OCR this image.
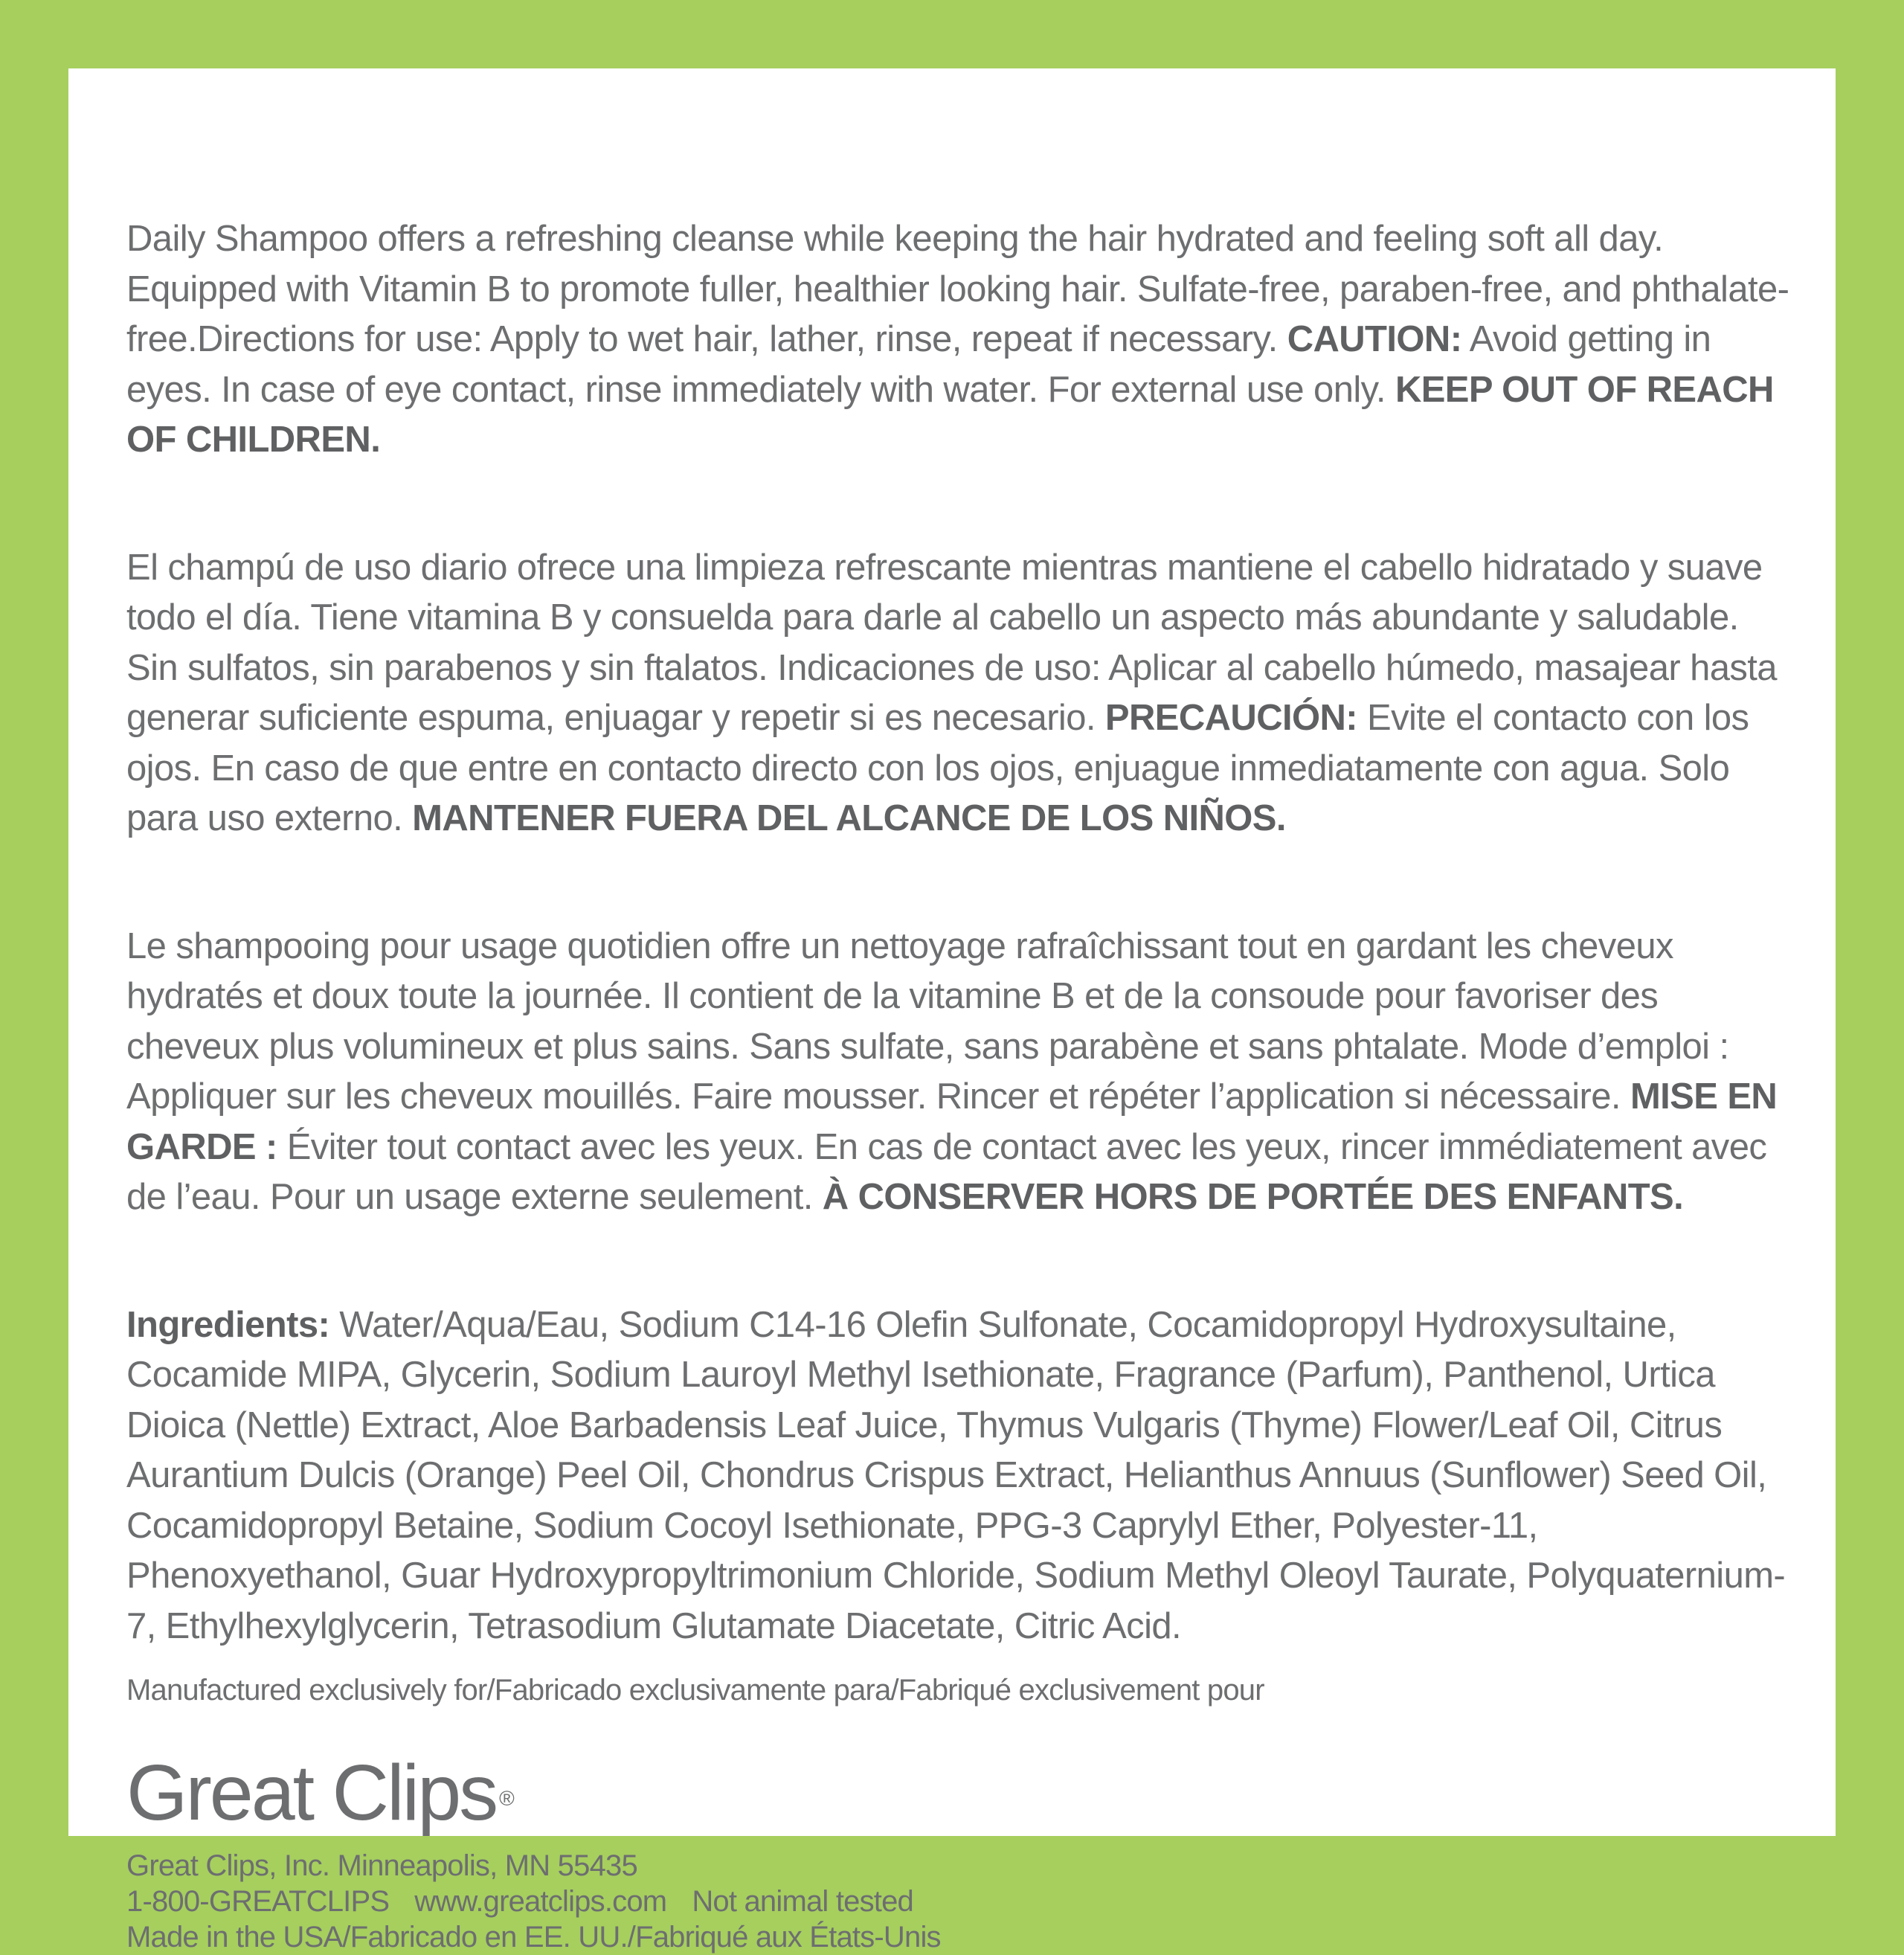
Daily Shampoo offers a refreshing cleanse while keeping the hair hydrated and feeling soft all day. Equipped with Vitamin B to promote fuller, healthier looking hair. Sulfate-free, paraben-free, and phthalate-free.Directions for use: Apply to wet hair, lather, rinse, repeat if necessary. CAUTION: Avoid getting in eyes. In case of eye contact, rinse immediately with water. For external use only. KEEP OUT OF REACH OF CHILDREN.

El champú de uso diario ofrece una limpieza refrescante mientras mantiene el cabello hidratado y suave todo el día. Tiene vitamina B y consuelda para darle al cabello un aspecto más abundante y saludable. Sin sulfatos, sin parabenos y sin ftalatos. Indicaciones de uso: Aplicar al cabello húmedo, masajear hasta generar suficiente espuma, enjuagar y repetir si es necesario. PRECAUCIÓN: Evite el contacto con los ojos. En caso de que entre en contacto directo con los ojos, enjuague inmediatamente con agua. Solo para uso externo. MANTENER FUERA DEL ALCANCE DE LOS NIÑOS.

Le shampooing pour usage quotidien offre un nettoyage rafraîchissant tout en gardant les cheveux hydratés et doux toute la journée. Il contient de la vitamine B et de la consoude pour favoriser des cheveux plus volumineux et plus sains. Sans sulfate, sans parabène et sans phtalate. Mode d’emploi : Appliquer sur les cheveux mouillés. Faire mousser. Rincer et répéter l’application si nécessaire. MISE EN GARDE : Éviter tout contact avec les yeux. En cas de contact avec les yeux, rincer immédiatement avec de l’eau. Pour un usage externe seulement. À CONSERVER HORS DE PORTÉE DES ENFANTS.

Ingredients: Water/Aqua/Eau, Sodium C14-16 Olefin Sulfonate, Cocamidopropyl Hydroxysultaine, Cocamide MIPA, Glycerin, Sodium Lauroyl Methyl Isethionate, Fragrance (Parfum), Panthenol, Urtica Dioica (Nettle) Extract, Aloe Barbadensis Leaf Juice, Thymus Vulgaris (Thyme) Flower/Leaf Oil, Citrus Aurantium Dulcis (Orange) Peel Oil, Chondrus Crispus Extract, Helianthus Annuus (Sunflower) Seed Oil, Cocamidopropyl Betaine, Sodium Cocoyl Isethionate, PPG-3 Caprylyl Ether, Polyester-11, Phenoxyethanol, Guar Hydroxypropyltrimonium Chloride, Sodium Methyl Oleoyl Taurate, Polyquaternium-7, Ethylhexylglycerin, Tetrasodium Glutamate Diacetate, Citric Acid.

Manufactured exclusively for/Fabricado exclusivamente para/Fabriqué exclusivement pour

Great Clips ®

Great Clips, Inc. Minneapolis, MN 55435
1-800-GREATCLIPS www.greatclips.com Not animal tested
Made in the USA/Fabricado en EE. UU./Fabriqué aux États-Unis
